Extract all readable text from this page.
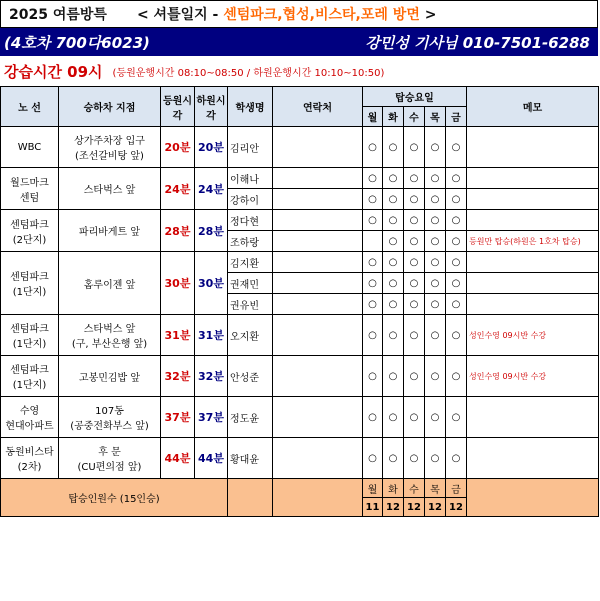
2025 여름방특 < 셔틀일지 - 센텀파크,협성,비스타,포레 방면 >
(4호차 700다6023)	강민성 기사님 010-7501-6288
강습시간 09시 (등원운행시간 08:10~08:50 / 하원운행시간 10:10~10:50)
노 선	승하차 지점	등원시각	하원시각	학생명	연락처	탑승요일					메모
						월	화	수	목	금	
WBC	상가주차장 입구
(조선갈비탕 앞)	20분	20분	김리안		○	○	○	○	○	
월드마크
센텀	스타벅스 앞	24분	24분	이해나		○	○	○	○	○	
				강하이		○	○	○	○	○	
센텀파크
(2단지)	파리바게트 앞	28분	28분	정다현		○	○	○	○	○	
				조하랑			○	○	○	○	등원만 탑승(하원은 1호차 탑승)
센텀파크
(1단지)	홈루이젠 앞	30분	30분	김지환		○	○	○	○	○	
				권재민		○	○	○	○	○	
				권유빈		○	○	○	○	○	
센텀파크
(1단지)	스타벅스 앞
(구, 부산은행 앞)	31분	31분	오지환		○	○	○	○	○	성인수영 09시반 수강
센텀파크
(1단지)	고봉민김밥 앞	32분	32분	안성준		○	○	○	○	○	성인수영 09시반 수강
수영
현대아파트	107동
(공중전화부스 앞)	37분	37분	정도윤		○	○	○	○	○	
동원비스타
(2차)	후 문
(CU편의점 앞)	44분	44분	황대윤		○	○	○	○	○	
탑승인원수 (15인승)						월	화	수	목	금	
						11	12	12	12	12	
